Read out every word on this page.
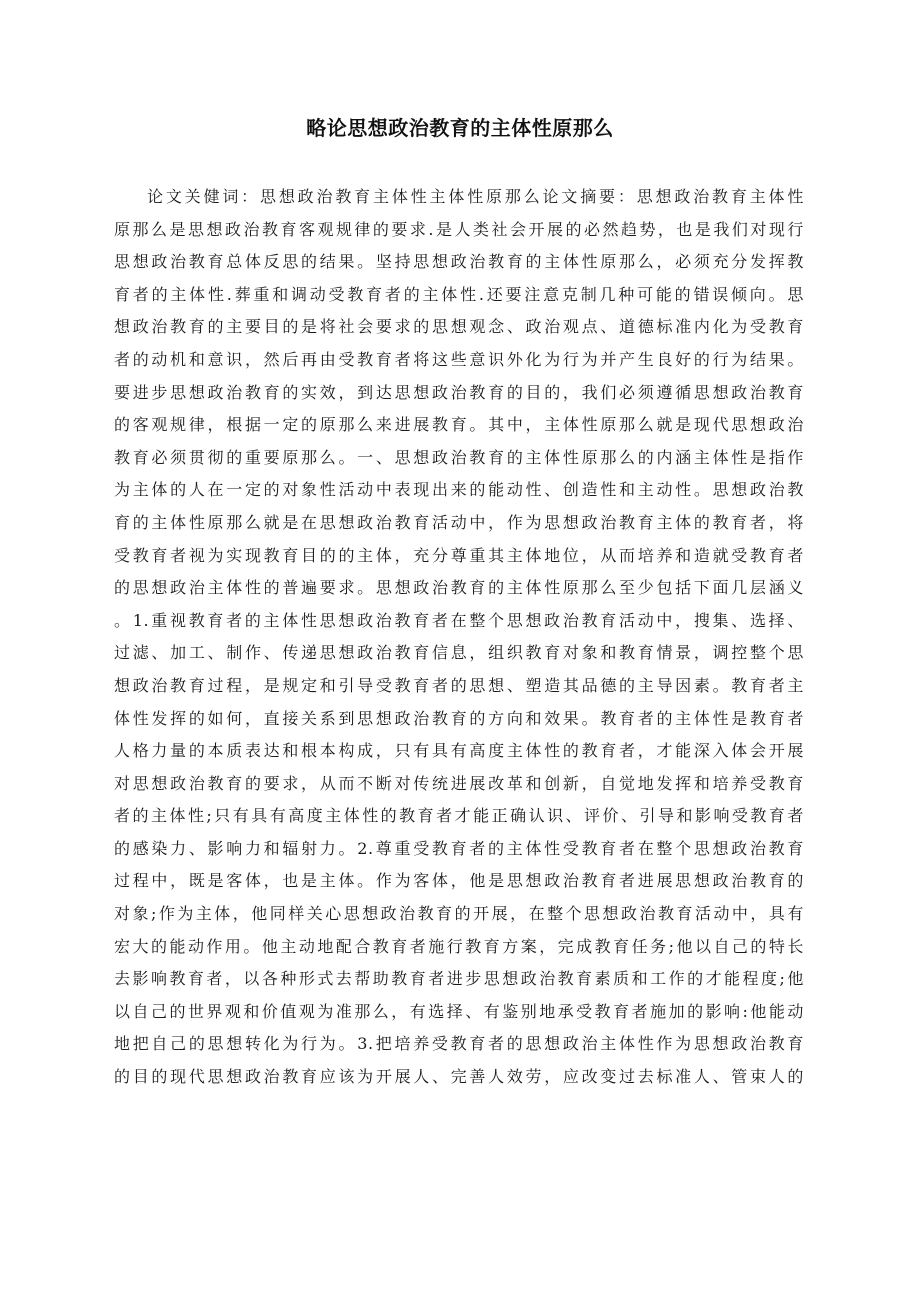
略论思想政治教育的主体性原那么
论文关健词：思想政治教育主体性主体性原那么论文摘要：思想政治教育主体性
原那么是思想政治教育客观规律的要求.是人类社会开展的必然趋势，也是我们对现行
思想政治教育总体反思的结果。坚持思想政治教育的主体性原那么，必须充分发挥教
育者的主体性.葬重和调动受教育者的主体性.还要注意克制几种可能的错误倾向。思
想政治教育的主要目的是将社会要求的思想观念、政治观点、道德标准内化为受教育
者的动机和意识，然后再由受教育者将这些意识外化为行为并产生良好的行为结果。
要进步思想政治教育的实效，到达思想政治教育的目的，我们必须遵循思想政治教育
的客观规律，根据一定的原那么来进展教育。其中，主体性原那么就是现代思想政治
教育必须贯彻的重要原那么。一、思想政治教育的主体性原那么的内涵主体性是指作
为主体的人在一定的对象性活动中表现出来的能动性、创造性和主动性。思想政治教
育的主体性原那么就是在思想政治教育活动中，作为思想政治教育主体的教育者，将
受教育者视为实现教育目的的主体，充分尊重其主体地位，从而培养和造就受教育者
的思想政治主体性的普遍要求。思想政治教育的主体性原那么至少包括下面几层涵义
。1.重视教育者的主体性思想政治教育者在整个思想政治教育活动中，搜集、选择、
过滤、加工、制作、传递思想政治教育信息，组织教育对象和教育情景，调控整个思
想政治教育过程，是规定和引导受教育者的思想、塑造其品德的主导因素。教育者主
体性发挥的如何，直接关系到思想政治教育的方向和效果。教育者的主体性是教育者
人格力量的本质表达和根本构成，只有具有高度主体性的教育者，才能深入体会开展
对思想政治教育的要求，从而不断对传统进展改革和创新，自觉地发挥和培养受教育
者的主体性;只有具有高度主体性的教育者才能正确认识、评价、引导和影响受教育者
的感染力、影响力和辐射力。2.尊重受教育者的主体性受教育者在整个思想政治教育
过程中，既是客体，也是主体。作为客体，他是思想政治教育者进展思想政治教育的
对象;作为主体，他同样关心思想政治教育的开展，在整个思想政治教育活动中，具有
宏大的能动作用。他主动地配合教育者施行教育方案，完成教育任务;他以自己的特长
去影响教育者，以各种形式去帮助教育者进步思想政治教育素质和工作的才能程度;他
以自己的世界观和价值观为准那么，有选择、有鉴别地承受教育者施加的影响:他能动
地把自己的思想转化为行为。3.把培养受教育者的思想政治主体性作为思想政治教育
的目的现代思想政治教育应该为开展人、完善人效劳，应改变过去标准人、管束人的
